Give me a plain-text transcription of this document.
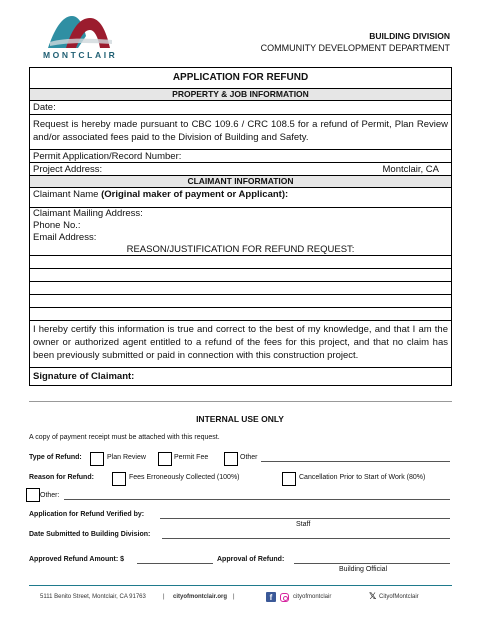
MONTCLAIR
BUILDING DIVISION
COMMUNITY DEVELOPMENT DEPARTMENT
APPLICATION FOR REFUND
PROPERTY & JOB INFORMATION
Date:
Request is hereby made pursuant to CBC 109.6 / CRC 108.5 for a refund of Permit, Plan Review and/or associated fees paid to the Division of Building and Safety.
Permit Application/Record Number:
Project Address:	Montclair, CA
CLAIMANT INFORMATION
Claimant Name (Original maker of payment or Applicant):
Claimant Mailing Address:
Phone No.:
Email Address:
REASON/JUSTIFICATION FOR REFUND REQUEST:
I hereby certify this information is true and correct to the best of my knowledge, and that I am the owner or authorized agent entitled to a refund of the fees for this project, and that no claim has been previously submitted or paid in connection with this construction project.
Signature of Claimant:
INTERNAL USE ONLY
A copy of payment receipt must be attached with this request.
Type of Refund:	Plan Review	Permit Fee	Other
Reason for Refund:	Fees Erroneously Collected (100%)	Cancellation Prior to Start of Work (80%)
Other:
Application for Refund Verified by:
Staff
Date Submitted to Building Division:
Approved Refund Amount: $	Approval of Refund:
Building Official
5111 Benito Street, Montclair, CA 91763	| cityofmontclair.org |	f	cityofmontclair	𝕏 CityofMontclair
